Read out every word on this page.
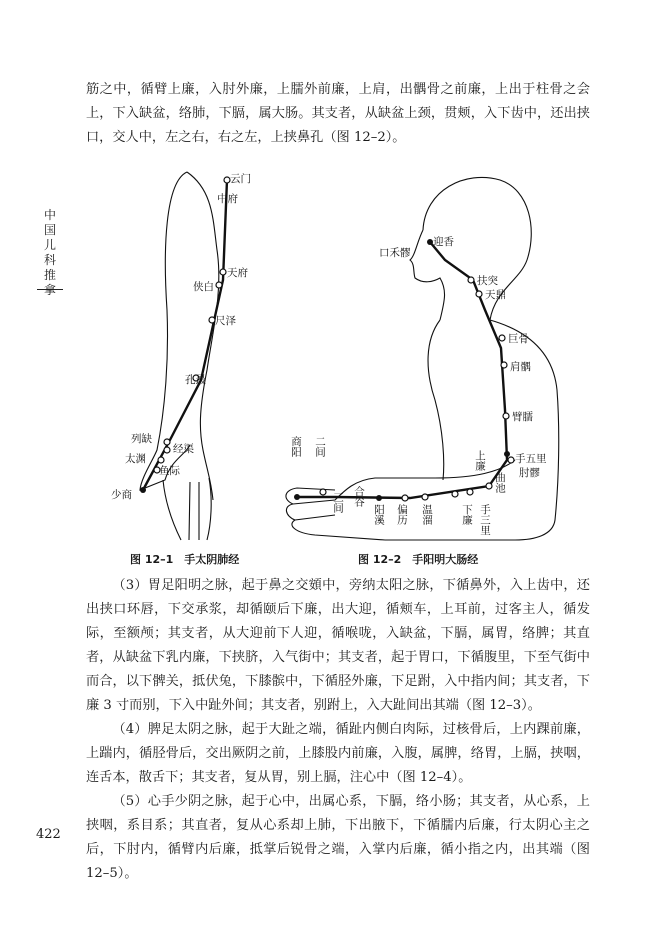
中国儿科推拿

筋之中，循臂上廉，入肘外廉，上臑外前廉，上肩，出髃骨之前廉，上出于柱骨之会上，下入缺盆，络肺，下膈，属大肠。其支者，从缺盆上颈，贯颊，入下齿中，还出挟口，交人中，左之右，右之左，上挟鼻孔（图 12–2）。

云门
中府
天府
侠白
尺泽
孔最
列缺
经渠
太渊
鱼际
少商
迎香
口禾髎
扶突
天鼎
巨骨
肩髃
臂臑
手五里
肘髎
曲池
手三里
上廉
下廉
温溜
偏历
阳溪
合谷
三间
二间
商阳
图 12–1　手太阴肺经	图 12–2　手阳明大肠经

（3）胃足阳明之脉，起于鼻之交頞中，旁纳太阳之脉，下循鼻外，入上齿中，还出挟口环唇，下交承浆，却循颐后下廉，出大迎，循颊车，上耳前，过客主人，循发际，至额颅；其支者，从大迎前下人迎，循喉咙，入缺盆，下膈，属胃，络脾；其直者，从缺盆下乳内廉，下挟脐，入气街中；其支者，起于胃口，下循腹里，下至气街中而合，以下髀关，抵伏兔，下膝髌中，下循胫外廉，下足跗，入中指内间；其支者，下廉 3 寸而别，下入中趾外间；其支者，别跗上，入大趾间出其端（图 12–3）。

（4）脾足太阴之脉，起于大趾之端，循趾内侧白肉际，过核骨后，上内踝前廉，上踹内，循胫骨后，交出厥阴之前，上膝股内前廉，入腹，属脾，络胃，上膈，挟咽，连舌本，散舌下；其支者，复从胃，别上膈，注心中（图 12–4）。

（5）心手少阴之脉，起于心中，出属心系，下膈，络小肠；其支者，从心系，上挟咽，系目系；其直者，复从心系却上肺，下出腋下，下循臑内后廉，行太阴心主之后，下肘内，循臂内后廉，抵掌后锐骨之端，入掌内后廉，循小指之内，出其端（图 12–5）。

422
